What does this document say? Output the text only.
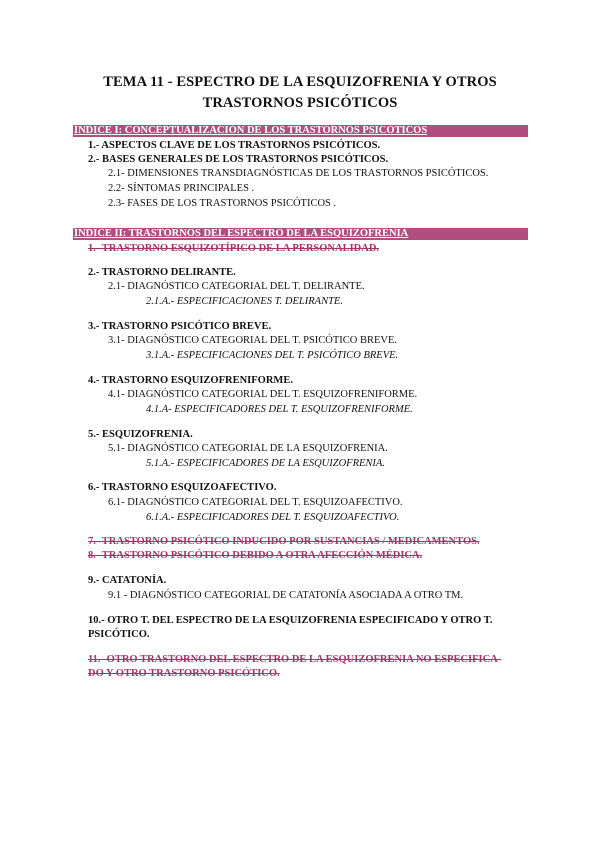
TEMA 11 - ESPECTRO DE LA ESQUIZOFRENIA Y OTROS
TRASTORNOS PSICÓTICOS
ÍNDICE I: CONCEPTUALIZACIÓN DE LOS TRASTORNOS PSICÓTICOS
1.- ASPECTOS CLAVE DE LOS TRASTORNOS PSICÓTICOS.
2.- BASES GENERALES DE LOS TRASTORNOS PSICÓTICOS.
2.1- DIMENSIONES TRANSDIAGNÓSTICAS DE LOS TRASTORNOS PSICÓTICOS.
2.2- SÍNTOMAS PRINCIPALES .
2.3- FASES DE LOS TRASTORNOS PSICÓTICOS .
ÍNDICE II: TRASTORNOS DEL ESPECTRO DE LA ESQUIZOFRENIA
1.- TRASTORNO ESQUIZOTÍPICO DE LA PERSONALIDAD.
2.- TRASTORNO DELIRANTE.
2.1- DIAGNÓSTICO CATEGORIAL DEL T. DELIRANTE.
2.1.A.- ESPECIFICACIONES T. DELIRANTE.
3.- TRASTORNO PSICÓTICO BREVE.
3.1- DIAGNÓSTICO CATEGORIAL DEL T. PSICÓTICO BREVE.
3.1.A.- ESPECIFICACIONES DEL T. PSICÓTICO BREVE.
4.- TRASTORNO ESQUIZOFRENIFORME.
4.1- DIAGNÓSTICO CATEGORIAL DEL T. ESQUIZOFRENIFORME.
4.1.A- ESPECIFICADORES DEL T. ESQUIZOFRENIFORME.
5.- ESQUIZOFRENIA.
5.1- DIAGNÓSTICO CATEGORIAL DE LA ESQUIZOFRENIA.
5.1.A.- ESPECIFICADORES DE LA ESQUIZOFRENIA.
6.- TRASTORNO ESQUIZOAFECTIVO.
6.1- DIAGNÓSTICO CATEGORIAL DEL T. ESQUIZOAFECTIVO.
6.1.A.- ESPECIFICADORES DEL T. ESQUIZOAFECTIVO.
7.- TRASTORNO PSICÓTICO INDUCIDO POR SUSTANCIAS / MEDICAMENTOS.
8.- TRASTORNO PSICÓTICO DEBIDO A OTRA AFECCIÓN MÉDICA.
9.- CATATONÍA.
9.1 - DIAGNÓSTICO CATEGORIAL DE CATATONÍA ASOCIADA A OTRO TM.
10.- OTRO T. DEL ESPECTRO DE LA ESQUIZOFRENIA ESPECIFICADO Y OTRO T.
PSICÓTICO.
11.- OTRO TRASTORNO DEL ESPECTRO DE LA ESQUIZOFRENIA NO ESPECIFICA-
DO Y OTRO TRASTORNO PSICÓTICO.
